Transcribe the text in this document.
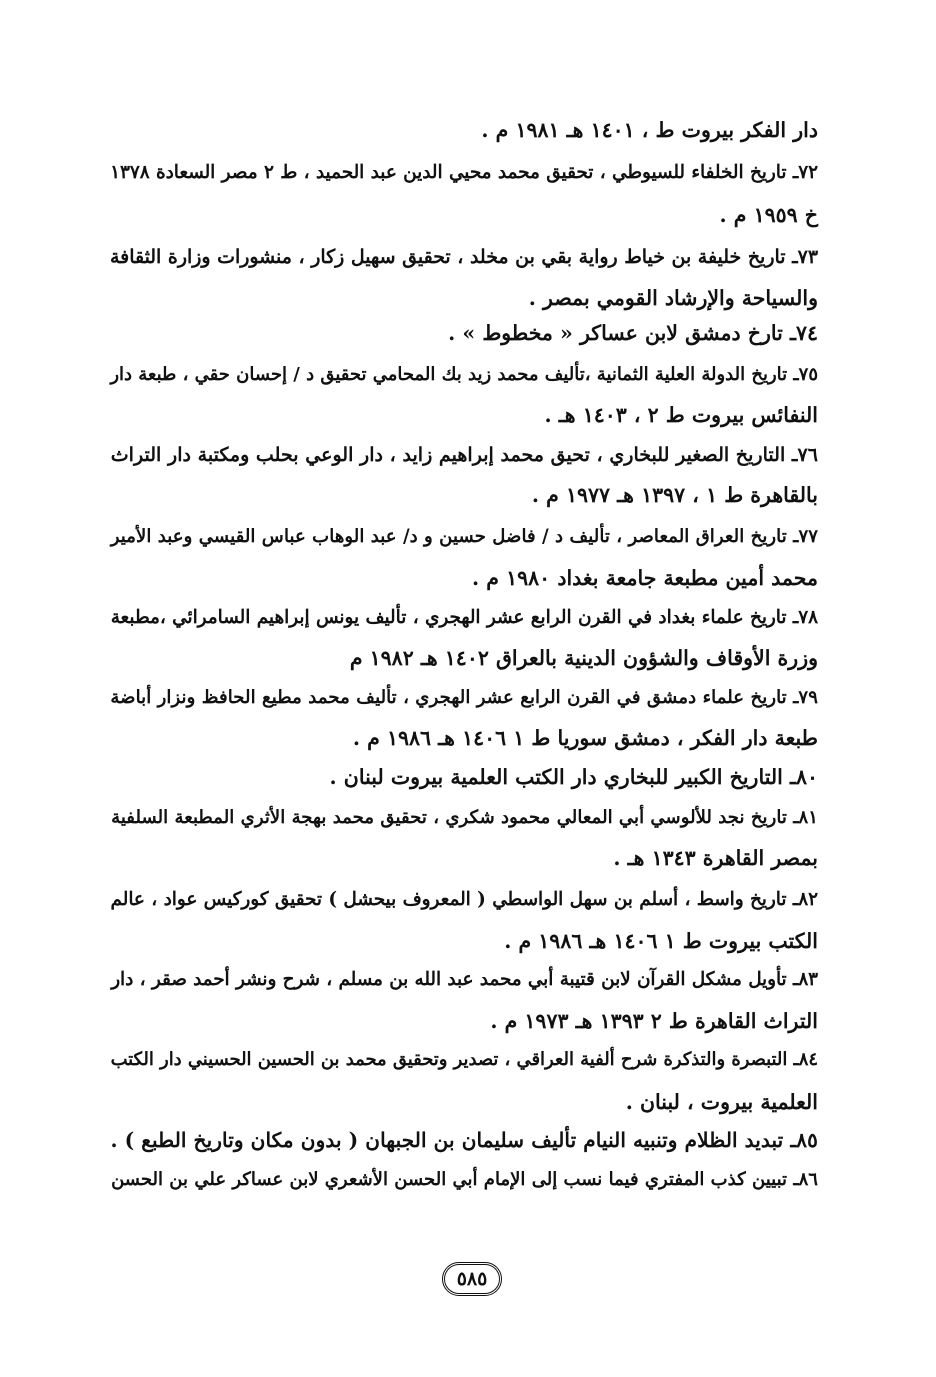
دار الفكر بيروت ط ، ١٤٠١ هـ ١٩٨١ م .
٧٢ـ تاريخ الخلفاء للسيوطي ، تحقيق محمد محيي الدين عبد الحميد ، ط ٢ مصر السعادة ١٣٧٨
خ ١٩٥٩ م .
٧٣ـ تاريخ خليفة بن خياط رواية بقي بن مخلد ، تحقيق سهيل زكار ، منشورات وزارة الثقافة
والسياحة والإرشاد القومي بمصر .
٧٤ـ تارخ دمشق لابن عساكر « مخطوط » .
٧٥ـ تاريخ الدولة العلية الثمانية ،تأليف محمد زيد بك المحامي تحقيق د / إحسان حقي ، طبعة دار
النفائس بيروت ط ٢ ، ١٤٠٣ هـ .
٧٦ـ التاريخ الصغير للبخاري ، تحيق محمد إبراهيم زايد ، دار الوعي بحلب ومكتبة دار التراث
بالقاهرة ط ١ ، ١٣٩٧ هـ ١٩٧٧ م .
٧٧ـ تاريخ العراق المعاصر ، تأليف د / فاضل حسين و د/ عبد الوهاب عباس القيسي وعبد الأمير
محمد أمين مطبعة جامعة بغداد ١٩٨٠ م .
٧٨ـ تاريخ علماء بغداد في القرن الرابع عشر الهجري ، تأليف يونس إبراهيم السامرائي ،مطبعة
وزرة الأوقاف والشؤون الدينية بالعراق ١٤٠٢ هـ ١٩٨٢ م
٧٩ـ تاريخ علماء دمشق في القرن الرابع عشر الهجري ، تأليف محمد مطيع الحافظ ونزار أباضة
طبعة دار الفكر ، دمشق سوريا ط ١ ١٤٠٦ هـ ١٩٨٦ م .
٨٠ـ التاريخ الكبير للبخاري دار الكتب العلمية بيروت لبنان .
٨١ـ تاريخ نجد للألوسي أبي المعالي محمود شكري ، تحقيق محمد بهجة الأثري المطبعة السلفية
بمصر القاهرة ١٣٤٣ هـ .
٨٢ـ تاريخ واسط ، أسلم بن سهل الواسطي ( المعروف بيحشل ) تحقيق كوركيس عواد ، عالم
الكتب بيروت ط ١ ١٤٠٦ هـ ١٩٨٦ م .
٨٣ـ تأويل مشكل القرآن لابن قتيبة أبي محمد عبد الله بن مسلم ، شرح ونشر أحمد صقر ، دار
التراث القاهرة ط ٢ ١٣٩٣ هـ ١٩٧٣ م .
٨٤ـ التبصرة والتذكرة شرح ألفية العراقي ، تصدير وتحقيق محمد بن الحسين الحسيني دار الكتب
العلمية بيروت ، لبنان .
٨٥ـ تبديد الظلام وتنبيه النيام تأليف سليمان بن الجبهان ( بدون مكان وتاريخ الطبع ) .
٨٦ـ تبيين كذب المفتري فيما نسب إلى الإمام أبي الحسن الأشعري لابن عساكر علي بن الحسن
٥٨٥
